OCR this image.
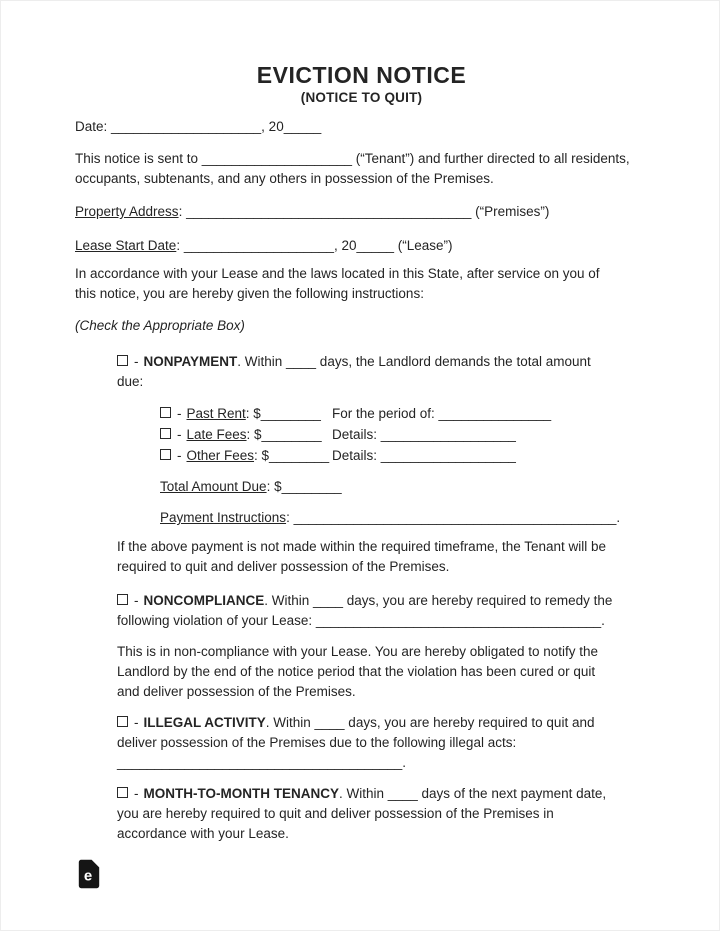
EVICTION NOTICE
(NOTICE TO QUIT)
Date: ____________________, 20_____
This notice is sent to ____________________ (“Tenant”) and further directed to all residents,
occupants, subtenants, and any others in possession of the Premises.
Property Address: ______________________________________ (“Premises”)
Lease Start Date: ____________________, 20_____ (“Lease”)
In accordance with your Lease and the laws located in this State, after service on you of
this notice, you are hereby given the following instructions:
(Check the Appropriate Box)
- NONPAYMENT. Within ____ days, the Landlord demands the total amount
due:
- Past Rent: $________ For the period of: _______________
- Late Fees: $________ Details: __________________
- Other Fees: $________ Details: __________________
Total Amount Due: $________
Payment Instructions: ___________________________________________.
If the above payment is not made within the required timeframe, the Tenant will be
required to quit and deliver possession of the Premises.
- NONCOMPLIANCE. Within ____ days, you are hereby required to remedy the
following violation of your Lease: ______________________________________.
This is in non-compliance with your Lease. You are hereby obligated to notify the
Landlord by the end of the notice period that the violation has been cured or quit
and deliver possession of the Premises.
- ILLEGAL ACTIVITY. Within ____ days, you are hereby required to quit and
deliver possession of the Premises due to the following illegal acts:
______________________________________.
- MONTH-TO-MONTH TENANCY. Within ____ days of the next payment date,
you are hereby required to quit and deliver possession of the Premises in
accordance with your Lease.
e
